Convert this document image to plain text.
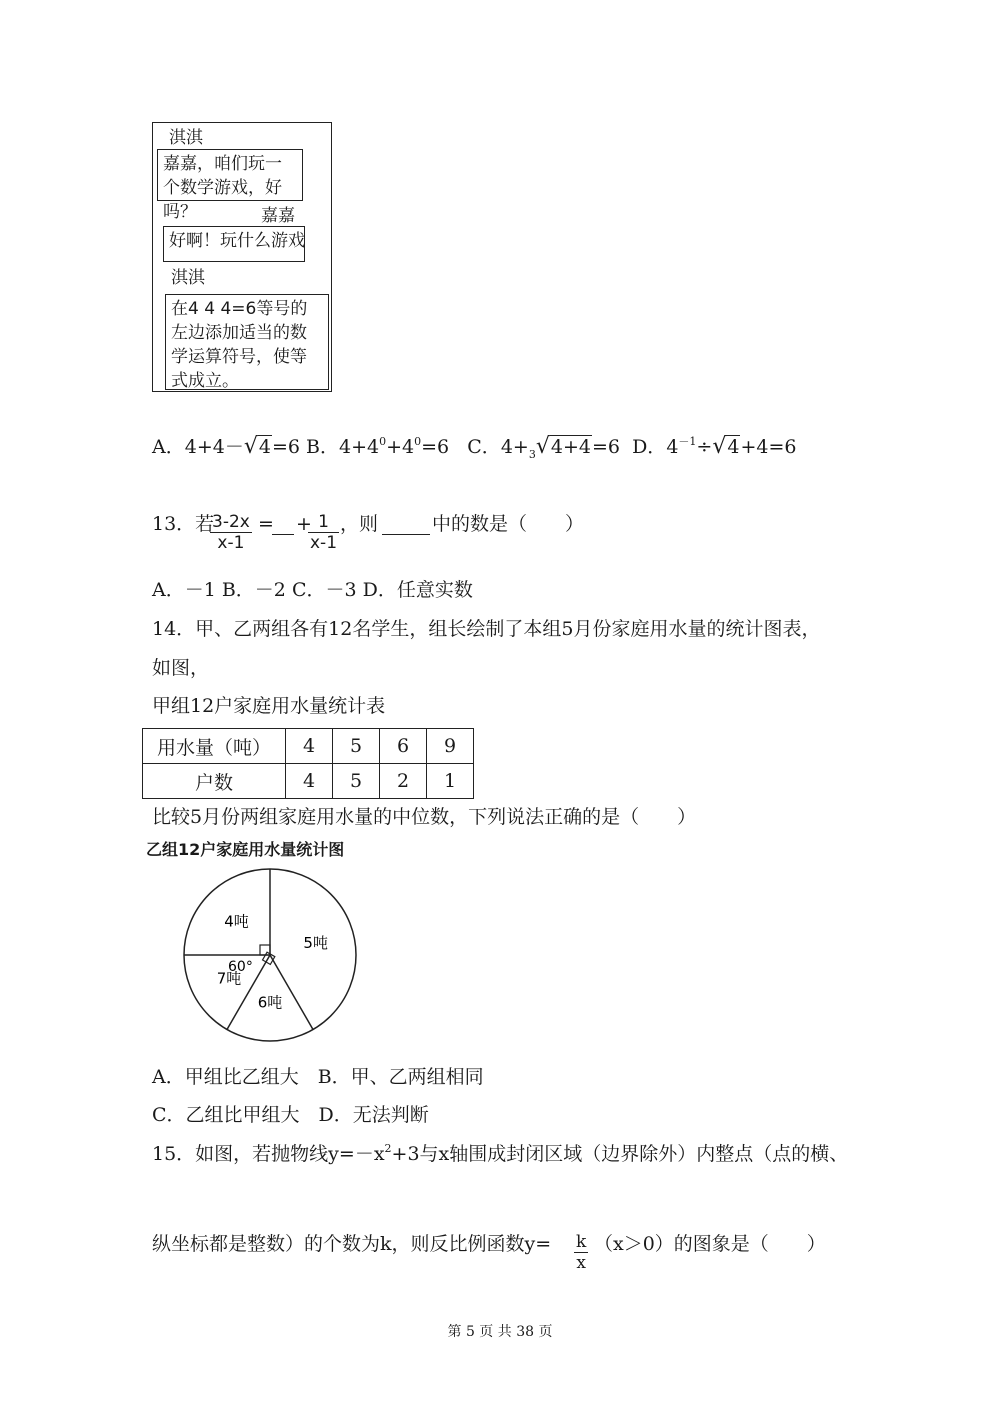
淇淇
嘉嘉，咱们玩一个数学游戏，好吗？	嘉嘉
好啊！玩什么游戏
淇淇
在4 4 4=6等号的左边添加适当的数学运算符号，使等式成立。
A．4+4－√4=6 B．$4+4^0+4^0=6$ C．$4+_3√4+4=6$ D．$4^{-1}\div√4+4=6$
13．若
$\frac{3-2x}{x-1}$ = +
$\frac{1}{x-1}$ ，则	中的数是（　　）
A．－1 B．－2 C．－3 D．任意实数
14．甲、乙两组各有12名学生，组长绘制了本组5月份家庭用水量的统计图表，
如图，
甲组12户家庭用水量统计表
用水量（吨）	4	5	6	9
户数	4	5	2	1
比较5月份两组家庭用水量的中位数，下列说法正确的是（　　）
乙组12户家庭用水量统计图
4吨
5吨
6吨
7吨
60°
A．甲组比乙组大　B．甲、乙两组相同
C．乙组比甲组大　D．无法判断
15．如图，若抛物线$y=-x^2+3$与x轴围成封闭区域（边界除外）内整点（点的横、
纵坐标都是整数）的个数为k，则反比例函数$y= \frac{k}{x} (x>0)$的图象是（　　）
第 5 页 共 38 页
